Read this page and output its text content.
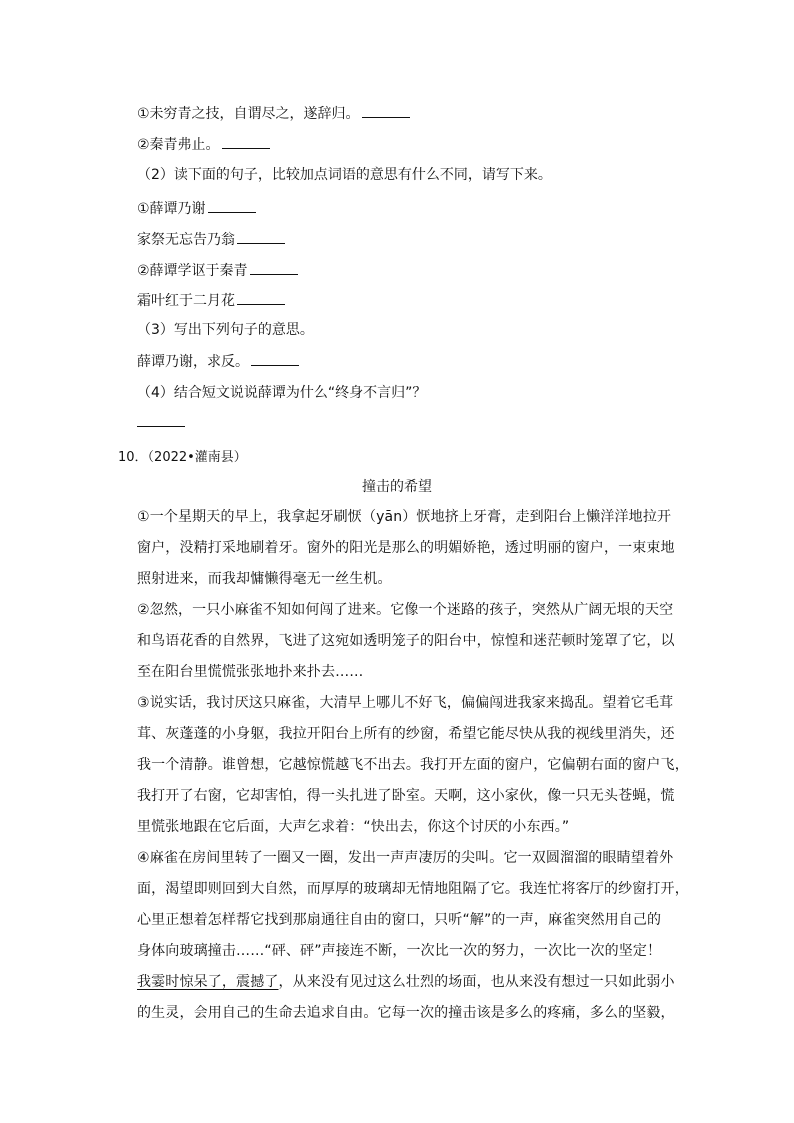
①未穷青之技，自谓尽之，遂辞归。
②秦青弗止。
（2）读下面的句子，比较加点词语的意思有什么不同，请写下来。
①薛谭乃谢
家祭无忘告乃翁
②薛谭学讴于秦青
霜叶红于二月花
（3）写出下列句子的意思。
薛谭乃谢，求反。
（4）结合短文说说薛谭为什么“终身不言归”？
10．（2022•灌南县）
撞击的希望
①一个星期天的早上，我拿起牙刷恹（yān）恹地挤上牙膏，走到阳台上懒洋洋地拉开
窗户，没精打采地刷着牙。窗外的阳光是那么的明媚娇艳，透过明丽的窗户，一束束地
照射进来，而我却慵懒得毫无一丝生机。
②忽然，一只小麻雀不知如何闯了进来。它像一个迷路的孩子，突然从广阔无垠的天空
和鸟语花香的自然界，飞进了这宛如透明笼子的阳台中，惊惶和迷茫顿时笼罩了它，以
至在阳台里慌慌张张地扑来扑去……
③说实话，我讨厌这只麻雀，大清早上哪儿不好飞，偏偏闯进我家来捣乱。望着它毛茸
茸、灰蓬蓬的小身躯，我拉开阳台上所有的纱窗，希望它能尽快从我的视线里消失，还
我一个清静。谁曾想，它越惊慌越飞不出去。我打开左面的窗户，它偏朝右面的窗户飞，
我打开了右窗，它却害怕，得一头扎进了卧室。天啊，这小家伙，像一只无头苍蝇，慌
里慌张地跟在它后面，大声乞求着：“快出去，你这个讨厌的小东西。”
④麻雀在房间里转了一圈又一圈，发出一声声凄厉的尖叫。它一双圆溜溜的眼睛望着外
面，渴望即则回到大自然，而厚厚的玻璃却无情地阻隔了它。我连忙将客厅的纱窗打开，
心里正想着怎样帮它找到那扇通往自由的窗口，只听“解”的一声，麻雀突然用自己的
身体向玻璃撞击……“砰、砰”声接连不断，一次比一次的努力，一次比一次的坚定！
我霎时惊呆了，震撼了，从来没有见过这么壮烈的场面，也从来没有想过一只如此弱小
的生灵，会用自己的生命去追求自由。它每一次的撞击该是多么的疼痛，多么的坚毅，
